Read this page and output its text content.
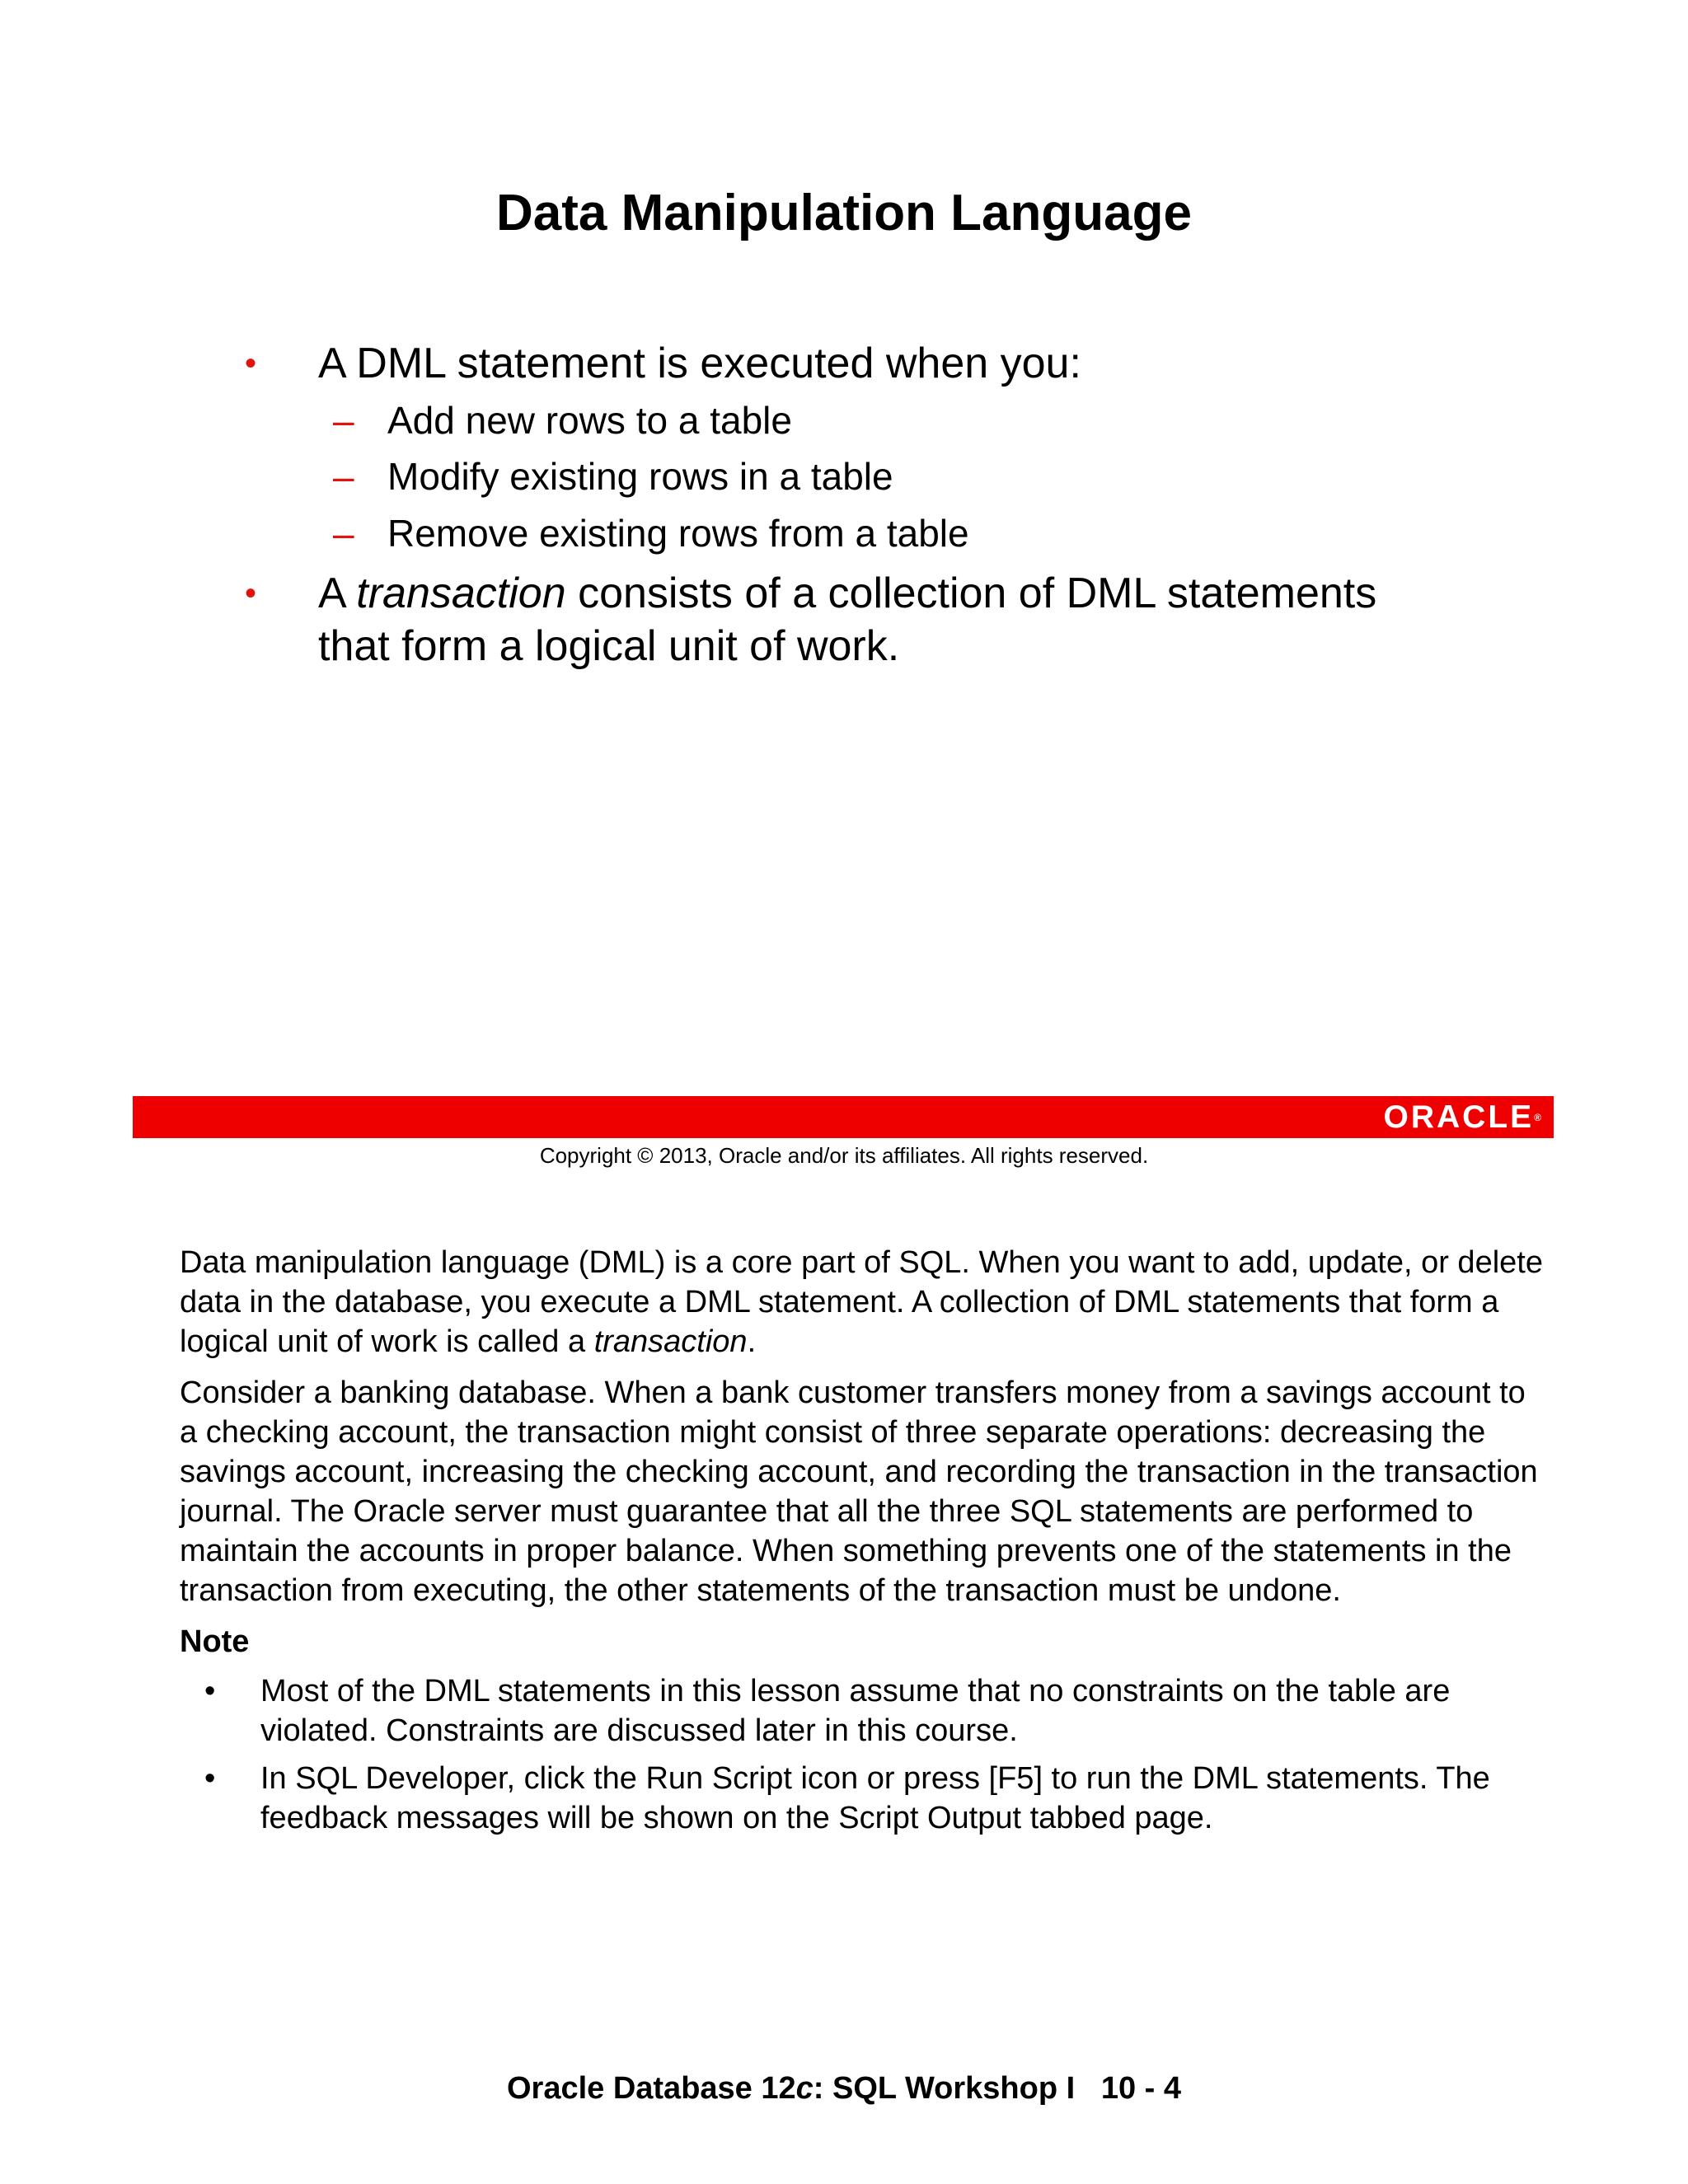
Data Manipulation Language
• A DML statement is executed when you:
– Add new rows to a table
– Modify existing rows in a table
– Remove existing rows from a table
• A transaction consists of a collection of DML statements
that form a logical unit of work.
ORACLE®
Copyright © 2013, Oracle and/or its affiliates. All rights reserved.

Data manipulation language (DML) is a core part of SQL. When you want to add, update, or delete data in the database, you execute a DML statement. A collection of DML statements that form a logical unit of work is called a transaction.

Consider a banking database. When a bank customer transfers money from a savings account to a checking account, the transaction might consist of three separate operations: decreasing the savings account, increasing the checking account, and recording the transaction in the transaction journal. The Oracle server must guarantee that all the three SQL statements are performed to maintain the accounts in proper balance. When something prevents one of the statements in the transaction from executing, the other statements of the transaction must be undone.

Note
• Most of the DML statements in this lesson assume that no constraints on the table are violated. Constraints are discussed later in this course.
• In SQL Developer, click the Run Script icon or press [F5] to run the DML statements. The feedback messages will be shown on the Script Output tabbed page.
Oracle Database 12c: SQL Workshop I   10 - 4
